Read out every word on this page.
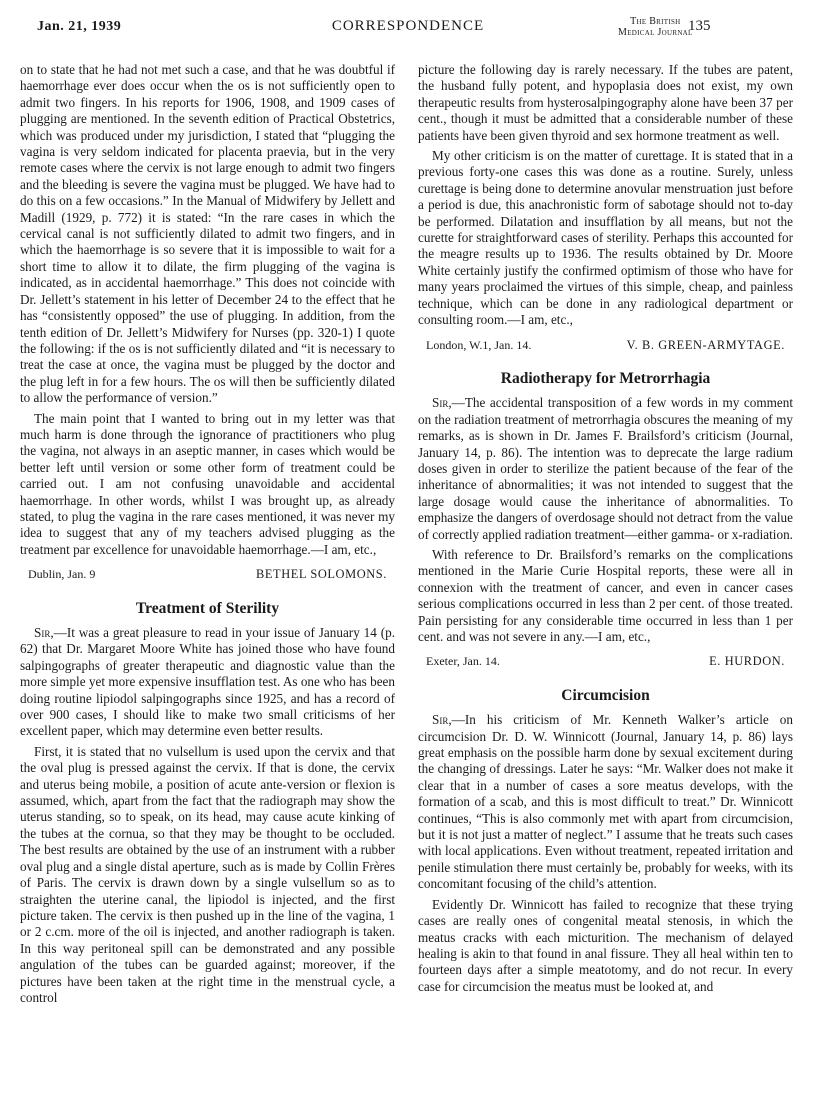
Jan. 21, 1939	CORRESPONDENCE	The British
Medical Journal
135

on to state that he had not met such a case, and that he was doubtful if haemorrhage ever does occur when the os is not sufficiently open to admit two fingers. In his reports for 1906, 1908, and 1909 cases of plugging are mentioned. In the seventh edition of Practical Obstetrics, which was produced under my jurisdiction, I stated that “plugging the vagina is very seldom indicated for placenta praevia, but in the very remote cases where the cervix is not large enough to admit two fingers and the bleeding is severe the vagina must be plugged. We have had to do this on a few occasions.” In the Manual of Midwifery by Jellett and Madill (1929, p. 772) it is stated: “In the rare cases in which the cervical canal is not sufficiently dilated to admit two fingers, and in which the haemorrhage is so severe that it is impossible to wait for a short time to allow it to dilate, the firm plugging of the vagina is indicated, as in accidental haemorrhage.” This does not coincide with Dr. Jellett’s statement in his letter of December 24 to the effect that he has “consistently opposed” the use of plugging. In addition, from the tenth edition of Dr. Jellett’s Midwifery for Nurses (pp. 320-1) I quote the following: if the os is not sufficiently dilated and “it is necessary to treat the case at once, the vagina must be plugged by the doctor and the plug left in for a few hours. The os will then be sufficiently dilated to allow the performance of version.”

The main point that I wanted to bring out in my letter was that much harm is done through the ignorance of practitioners who plug the vagina, not always in an aseptic manner, in cases which would be better left until version or some other form of treatment could be carried out. I am not confusing unavoidable and accidental haemorrhage. In other words, whilst I was brought up, as already stated, to plug the vagina in the rare cases mentioned, it was never my idea to suggest that any of my teachers advised plugging as the treatment par excellence for unavoidable haemorrhage.—I am, etc.,

Dublin, Jan. 9	BETHEL SOLOMONS.
Treatment of Sterility

Sir,—It was a great pleasure to read in your issue of January 14 (p. 62) that Dr. Margaret Moore White has joined those who have found salpingographs of greater therapeutic and diagnostic value than the more simple yet more expensive insufflation test. As one who has been doing routine lipiodol salpingographs since 1925, and has a record of over 900 cases, I should like to make two small criticisms of her excellent paper, which may determine even better results.

First, it is stated that no vulsellum is used upon the cervix and that the oval plug is pressed against the cervix. If that is done, the cervix and uterus being mobile, a position of acute ante-version or flexion is assumed, which, apart from the fact that the radiograph may show the uterus standing, so to speak, on its head, may cause acute kinking of the tubes at the cornua, so that they may be thought to be occluded. The best results are obtained by the use of an instrument with a rubber oval plug and a single distal aperture, such as is made by Collin Frères of Paris. The cervix is drawn down by a single vulsellum so as to straighten the uterine canal, the lipiodol is injected, and the first picture taken. The cervix is then pushed up in the line of the vagina, 1 or 2 c.cm. more of the oil is injected, and another radiograph is taken. In this way peritoneal spill can be demonstrated and any possible angulation of the tubes can be guarded against; moreover, if the pictures have been taken at the right time in the menstrual cycle, a control

picture the following day is rarely necessary. If the tubes are patent, the husband fully potent, and hypoplasia does not exist, my own therapeutic results from hysterosalpingography alone have been 37 per cent., though it must be admitted that a considerable number of these patients have been given thyroid and sex hormone treatment as well.

My other criticism is on the matter of curettage. It is stated that in a previous forty-one cases this was done as a routine. Surely, unless curettage is being done to determine anovular menstruation just before a period is due, this anachronistic form of sabotage should not to-day be performed. Dilatation and insufflation by all means, but not the curette for straightforward cases of sterility. Perhaps this accounted for the meagre results up to 1936. The results obtained by Dr. Moore White certainly justify the confirmed optimism of those who have for many years proclaimed the virtues of this simple, cheap, and painless technique, which can be done in any radiological department or consulting room.—I am, etc.,

London, W.1, Jan. 14.	V. B. GREEN-ARMYTAGE.
Radiotherapy for Metrorrhagia

Sir,—The accidental transposition of a few words in my comment on the radiation treatment of metrorrhagia obscures the meaning of my remarks, as is shown in Dr. James F. Brailsford’s criticism (Journal, January 14, p. 86). The intention was to deprecate the large radium doses given in order to sterilize the patient because of the fear of the inheritance of abnormalities; it was not intended to suggest that the large dosage would cause the inheritance of abnormalities. To emphasize the dangers of overdosage should not detract from the value of correctly applied radiation treatment—either gamma- or x-radiation.

With reference to Dr. Brailsford’s remarks on the complications mentioned in the Marie Curie Hospital reports, these were all in connexion with the treatment of cancer, and even in cancer cases serious complications occurred in less than 2 per cent. of those treated. Pain persisting for any considerable time occurred in less than 1 per cent. and was not severe in any.—I am, etc.,

Exeter, Jan. 14.	E. HURDON.
Circumcision

Sir,—In his criticism of Mr. Kenneth Walker’s article on circumcision Dr. D. W. Winnicott (Journal, January 14, p. 86) lays great emphasis on the possible harm done by sexual excitement during the changing of dressings. Later he says: “Mr. Walker does not make it clear that in a number of cases a sore meatus develops, with the formation of a scab, and this is most difficult to treat.” Dr. Winnicott continues, “This is also commonly met with apart from circumcision, but it is not just a matter of neglect.” I assume that he treats such cases with local applications. Even without treatment, repeated irritation and penile stimulation there must certainly be, probably for weeks, with its concomitant focusing of the child’s attention.

Evidently Dr. Winnicott has failed to recognize that these trying cases are really ones of congenital meatal stenosis, in which the meatus cracks with each micturition. The mechanism of delayed healing is akin to that found in anal fissure. They all heal within ten to fourteen days after a simple meatotomy, and do not recur. In every case for circumcision the meatus must be looked at, and
